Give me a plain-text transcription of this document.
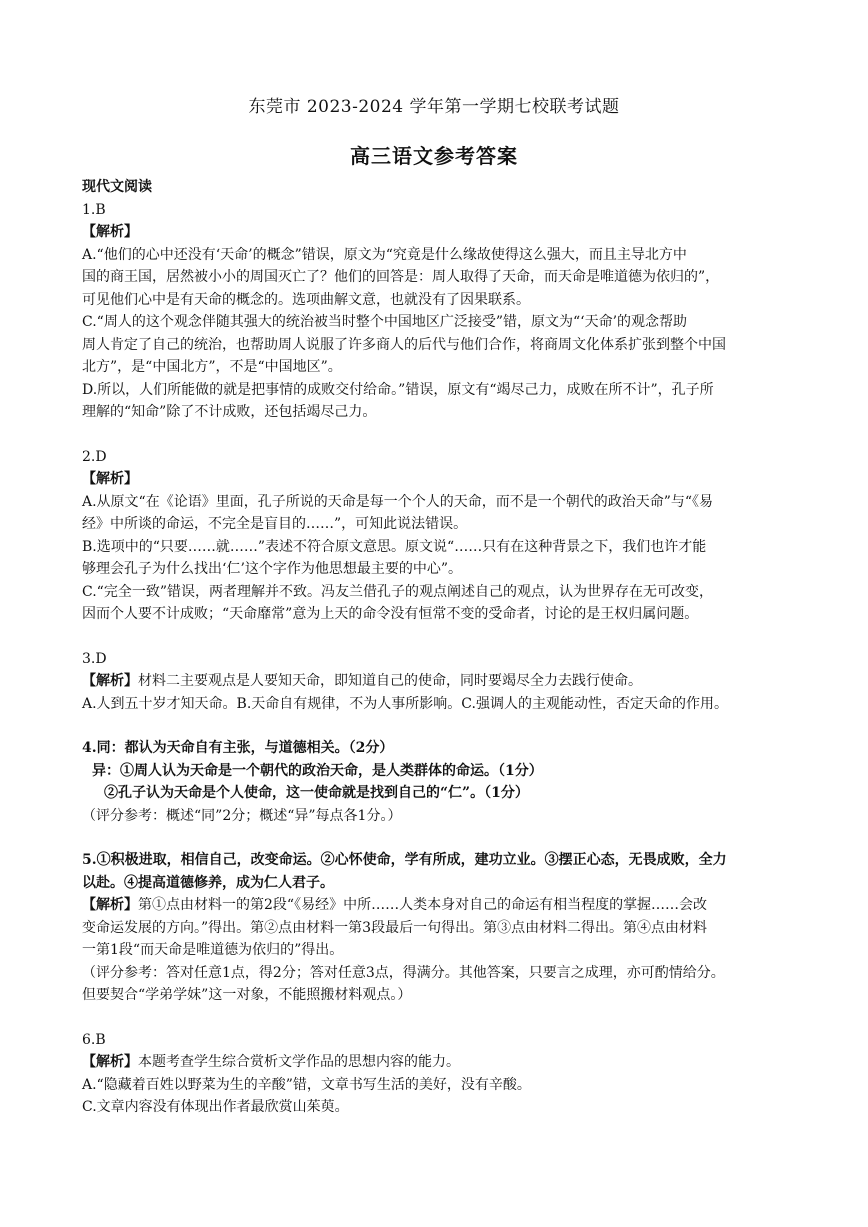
东莞市 2023-2024 学年第一学期七校联考试题
高三语文参考答案
现代文阅读
1.B
【解析】
A.“他们的心中还没有‘天命’的概念”错误，原文为“究竟是什么缘故使得这么强大，而且主导北方中
国的商王国，居然被小小的周国灭亡了？他们的回答是：周人取得了天命，而天命是唯道德为依归的”，
可见他们心中是有天命的概念的。选项曲解文意，也就没有了因果联系。
C.“周人的这个观念伴随其强大的统治被当时整个中国地区广泛接受”错，原文为“‘天命’的观念帮助
周人肯定了自己的统治，也帮助周人说服了许多商人的后代与他们合作，将商周文化体系扩张到整个中国
北方”，是“中国北方”，不是“中国地区”。
D.所以，人们所能做的就是把事情的成败交付给命。”错误，原文有“竭尽己力，成败在所不计”，孔子所
理解的“知命”除了不计成败，还包括竭尽己力。
2.D
【解析】
A.从原文“在《论语》里面，孔子所说的天命是每一个个人的天命，而不是一个朝代的政治天命”与“《易
经》中所谈的命运，不完全是盲目的……”，可知此说法错误。
B.选项中的“只要……就……”表述不符合原文意思。原文说“……只有在这种背景之下，我们也许才能
够理会孔子为什么找出‘仁’这个字作为他思想最主要的中心”。
C.“完全一致”错误，两者理解并不致。冯友兰借孔子的观点阐述自己的观点，认为世界存在无可改变，
因而个人要不计成败；“天命靡常”意为上天的命令没有恒常不变的受命者，讨论的是王权归属问题。
3.D
【解析】材料二主要观点是人要知天命，即知道自己的使命，同时要竭尽全力去践行使命。
A.人到五十岁才知天命。B.天命自有规律，不为人事所影响。C.强调人的主观能动性，否定天命的作用。
4.同：都认为天命自有主张，与道德相关。（2分）
异：①周人认为天命是一个朝代的政治天命，是人类群体的命运。（1分）
②孔子认为天命是个人使命，这一使命就是找到自己的“仁”。（1分）
（评分参考：概述“同”2分；概述“异”每点各1分。）
5.①积极进取，相信自己，改变命运。②心怀使命，学有所成，建功立业。③摆正心态，无畏成败，全力
以赴。④提高道德修养，成为仁人君子。
【解析】第①点由材料一的第2段“《易经》中所……人类本身对自己的命运有相当程度的掌握……会改
变命运发展的方向。”得出。第②点由材料一第3段最后一句得出。第③点由材料二得出。第④点由材料
一第1段“而天命是唯道德为依归的”得出。
（评分参考：答对任意1点，得2分；答对任意3点，得满分。其他答案，只要言之成理，亦可酌情给分。
但要契合“学弟学妹”这一对象，不能照搬材料观点。）
6.B
【解析】本题考查学生综合赏析文学作品的思想内容的能力。
A.“隐藏着百姓以野菜为生的辛酸”错，文章书写生活的美好，没有辛酸。
C.文章内容没有体现出作者最欣赏山茱萸。
